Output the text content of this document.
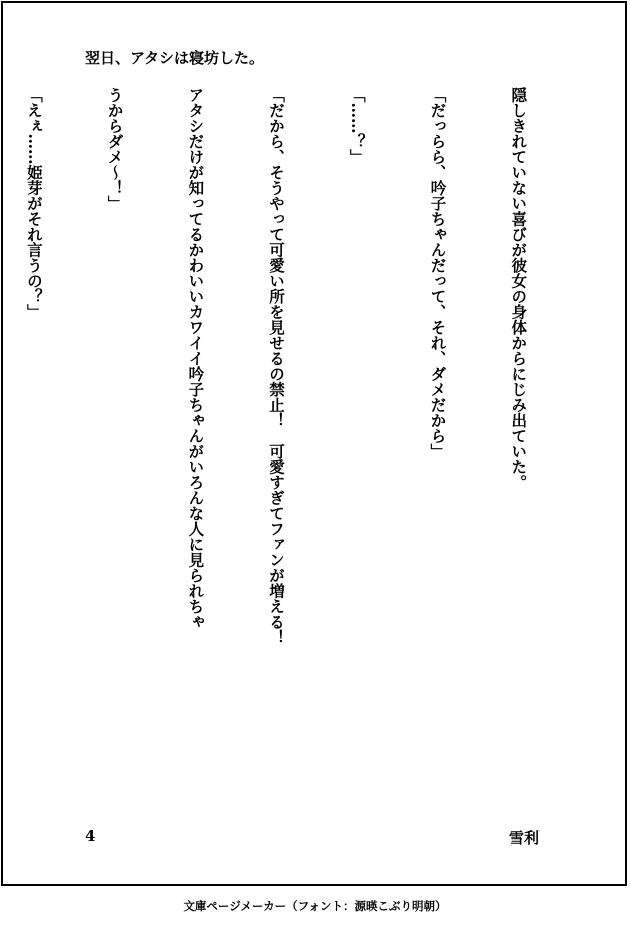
翌日、アタシは寝坊した。

隠しきれていない喜びが彼女の身体からにじみ出ていた。

「だっらら、吟子ちゃんだって、それ、ダメだから」

「……？」

「だから、そうやって可愛い所を見せるの禁止！　可愛すぎてファンが増える！

アタシだけが知ってるかわいいカワイイ吟子ちゃんがいろんな人に見られちゃ

うからダメ〜！」

「えぇ……姫芽がそれ言うの？」

4	雪利
文庫ページメーカー（フォント：源暎こぶり明朝）
